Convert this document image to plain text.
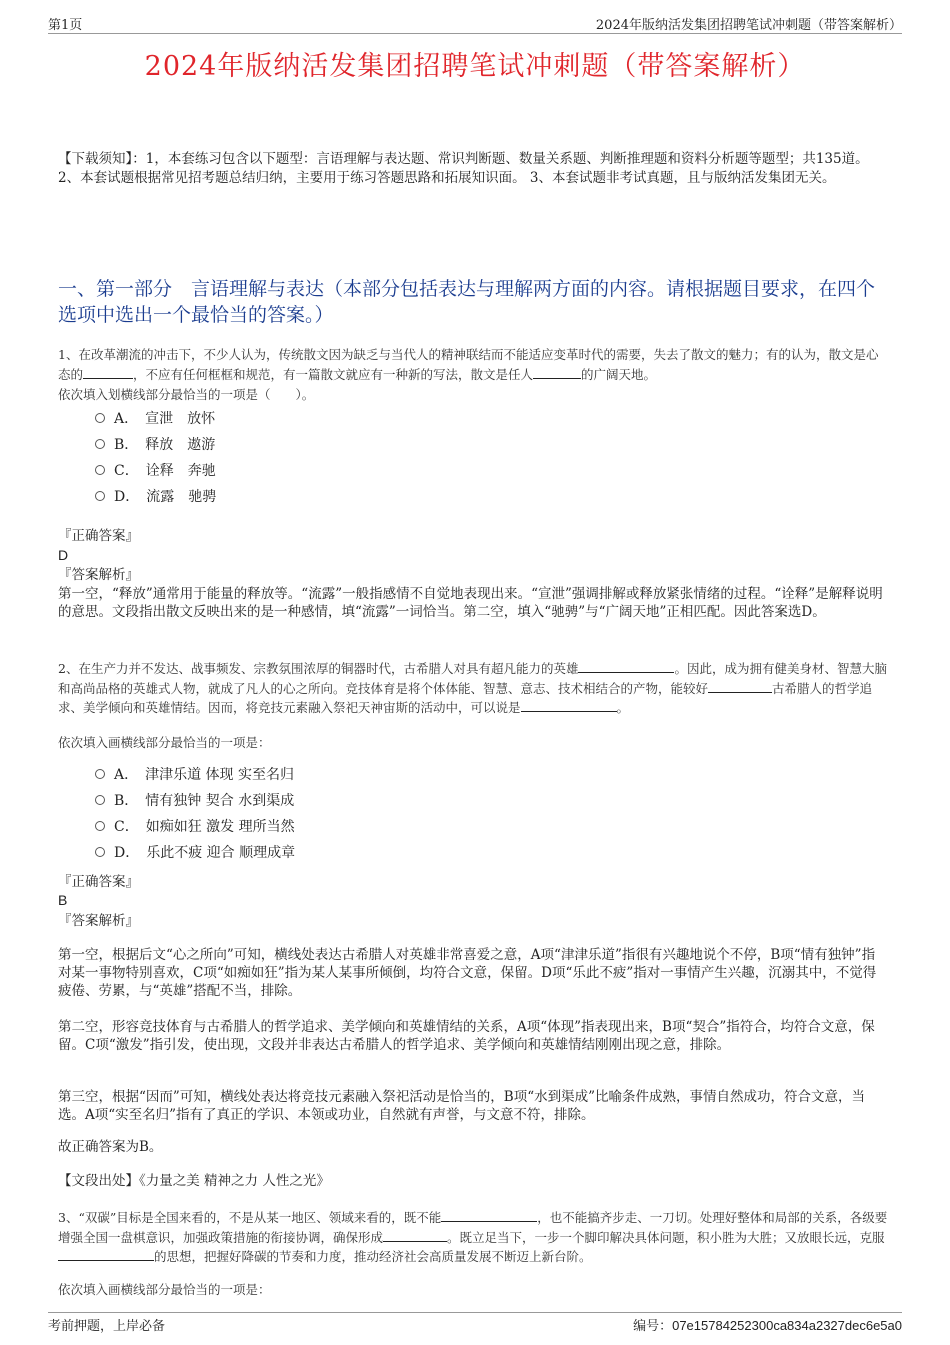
第1页	2024年版纳活发集团招聘笔试冲刺题（带答案解析）
2024年版纳活发集团招聘笔试冲刺题（带答案解析）
【下载须知】：1，本套练习包含以下题型：言语理解与表达题、常识判断题、数量关系题、判断推理题和资料分析题等题型；共135道。 2、本套试题根据常见招考题总结归纳，主要用于练习答题思路和拓展知识面。 3、本套试题非考试真题，且与版纳活发集团无关。
一、第一部分　言语理解与表达（本部分包括表达与理解两方面的内容。请根据题目要求，在四个选项中选出一个最恰当的答案。）
1、在改革潮流的冲击下，不少人认为，传统散文因为缺乏与当代人的精神联结而不能适应变革时代的需要，失去了散文的魅力；有的认为，散文是心态的	，不应有任何框框和规范，有一篇散文就应有一种新的写法，散文是任人	的广阔天地。
依次填入划横线部分最恰当的一项是（　　）。
A．　宣泄　放怀
B．　释放　遨游
C．　诠释　奔驰
D．　流露　驰骋
『正确答案』
D
『答案解析』
第一空，“释放”通常用于能量的释放等。“流露”一般指感情不自觉地表现出来。“宣泄”强调排解或释放紧张情绪的过程。“诠释”是解释说明的意思。文段指出散文反映出来的是一种感情，填“流露”一词恰当。第二空，填入“驰骋”与“广阔天地”正相匹配。因此答案选D。
2、在生产力并不发达、战事频发、宗教氛围浓厚的铜器时代，古希腊人对具有超凡能力的英雄	。因此，成为拥有健美身材、智慧大脑和高尚品格的英雄式人物，就成了凡人的心之所向。竞技体育是将个体体能、智慧、意志、技术相结合的产物，能较好	古希腊人的哲学追求、美学倾向和英雄情结。因而，将竞技元素融入祭祀天神宙斯的活动中，可以说是	。
依次填入画横线部分最恰当的一项是：
A．　津津乐道 体现 实至名归
B．　情有独钟 契合 水到渠成
C．　如痴如狂 激发 理所当然
D．　乐此不疲 迎合 顺理成章
『正确答案』
B
『答案解析』
第一空，根据后文“心之所向”可知，横线处表达古希腊人对英雄非常喜爱之意，A项“津津乐道”指很有兴趣地说个不停，B项“情有独钟”指对某一事物特别喜欢，C项“如痴如狂”指为某人某事所倾倒，均符合文意，保留。D项“乐此不疲”指对一事情产生兴趣，沉溺其中，不觉得疲倦、劳累，与“英雄”搭配不当，排除。
第二空，形容竞技体育与古希腊人的哲学追求、美学倾向和英雄情结的关系，A项“体现”指表现出来，B项“契合”指符合，均符合文意，保留。C项“激发”指引发，使出现，文段并非表达古希腊人的哲学追求、美学倾向和英雄情结刚刚出现之意，排除。
第三空，根据“因而”可知，横线处表达将竞技元素融入祭祀活动是恰当的，B项“水到渠成”比喻条件成熟，事情自然成功，符合文意，当选。A项“实至名归”指有了真正的学识、本领或功业，自然就有声誉，与文意不符，排除。
故正确答案为B。
【文段出处】《力量之美 精神之力 人性之光》
3、“双碳”目标是全国来看的，不是从某一地区、领域来看的，既不能	，也不能搞齐步走、一刀切。处理好整体和局部的关系，各级要增强全国一盘棋意识，加强政策措施的衔接协调，确保形成	。既立足当下，一步一个脚印解决具体问题，积小胜为大胜；又放眼长远，克服的思想，把握好降碳的节奏和力度，推动经济社会高质量发展不断迈上新台阶。
依次填入画横线部分最恰当的一项是：
考前押题，上岸必备	编号：07e15784252300ca834a2327dec6e5a0
